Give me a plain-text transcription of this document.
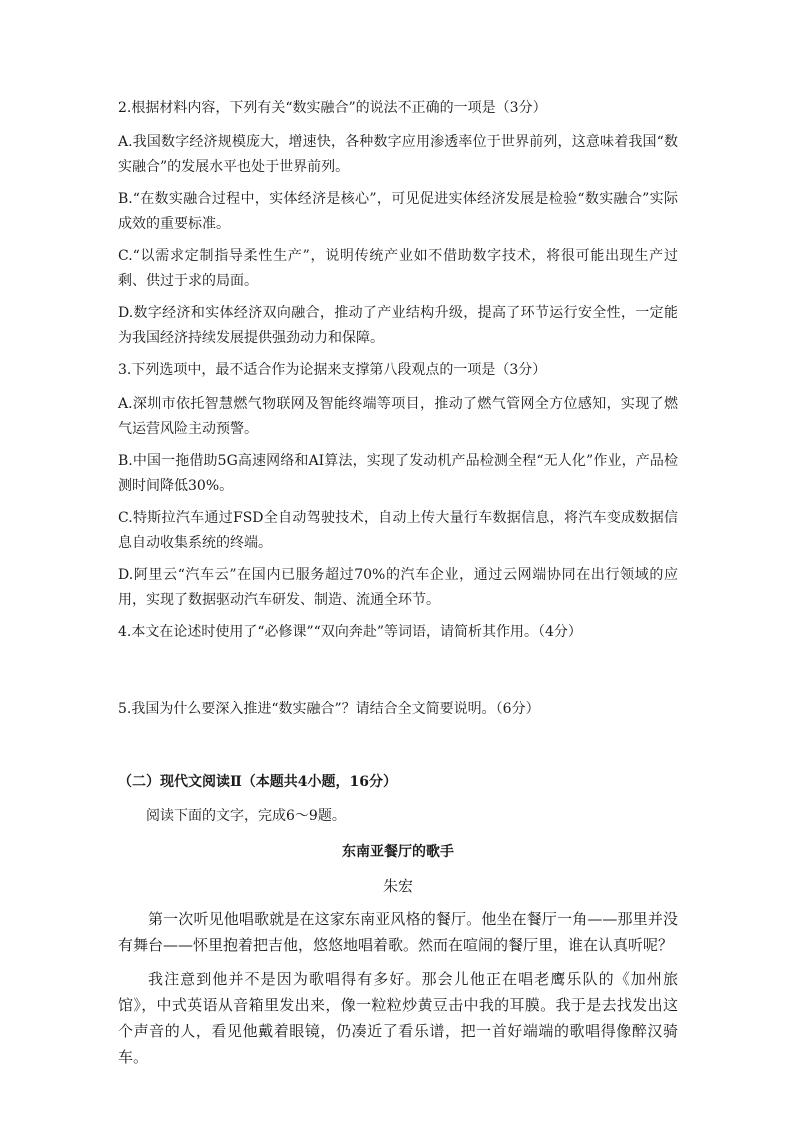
2.根据材料内容，下列有关“数实融合”的说法不正确的一项是（3分）

A.我国数字经济规模庞大，增速快，各种数字应用渗透率位于世界前列，这意味着我国“数实融合”的发展水平也处于世界前列。

B.“在数实融合过程中，实体经济是核心”，可见促进实体经济发展是检验“数实融合”实际成效的重要标准。

C.“以需求定制指导柔性生产”，说明传统产业如不借助数字技术，将很可能出现生产过剩、供过于求的局面。

D.数字经济和实体经济双向融合，推动了产业结构升级，提高了环节运行安全性，一定能为我国经济持续发展提供强劲动力和保障。

3.下列选项中，最不适合作为论据来支撑第八段观点的一项是（3分）

A.深圳市依托智慧燃气物联网及智能终端等项目，推动了燃气管网全方位感知，实现了燃气运营风险主动预警。

B.中国一拖借助5G高速网络和AI算法，实现了发动机产品检测全程“无人化”作业，产品检测时间降低30%。

C.特斯拉汽车通过FSD全自动驾驶技术，自动上传大量行车数据信息，将汽车变成数据信息自动收集系统的终端。

D.阿里云“汽车云”在国内已服务超过70%的汽车企业，通过云网端协同在出行领域的应用，实现了数据驱动汽车研发、制造、流通全环节。

4.本文在论述时使用了“必修课”“双向奔赴”等词语，请简析其作用。（4分）

5.我国为什么要深入推进“数实融合”？请结合全文简要说明。（6分）

（二）现代文阅读Ⅱ（本题共4小题，16分）

阅读下面的文字，完成6～9题。

东南亚餐厅的歌手

朱宏

第一次听见他唱歌就是在这家东南亚风格的餐厅。他坐在餐厅一角——那里并没有舞台——怀里抱着把吉他，悠悠地唱着歌。然而在喧闹的餐厅里，谁在认真听呢？

我注意到他并不是因为歌唱得有多好。那会儿他正在唱老鹰乐队的《加州旅馆》，中式英语从音箱里发出来，像一粒粒炒黄豆击中我的耳膜。我于是去找发出这个声音的人，看见他戴着眼镜，仍凑近了看乐谱，把一首好端端的歌唱得像醉汉骑车。
